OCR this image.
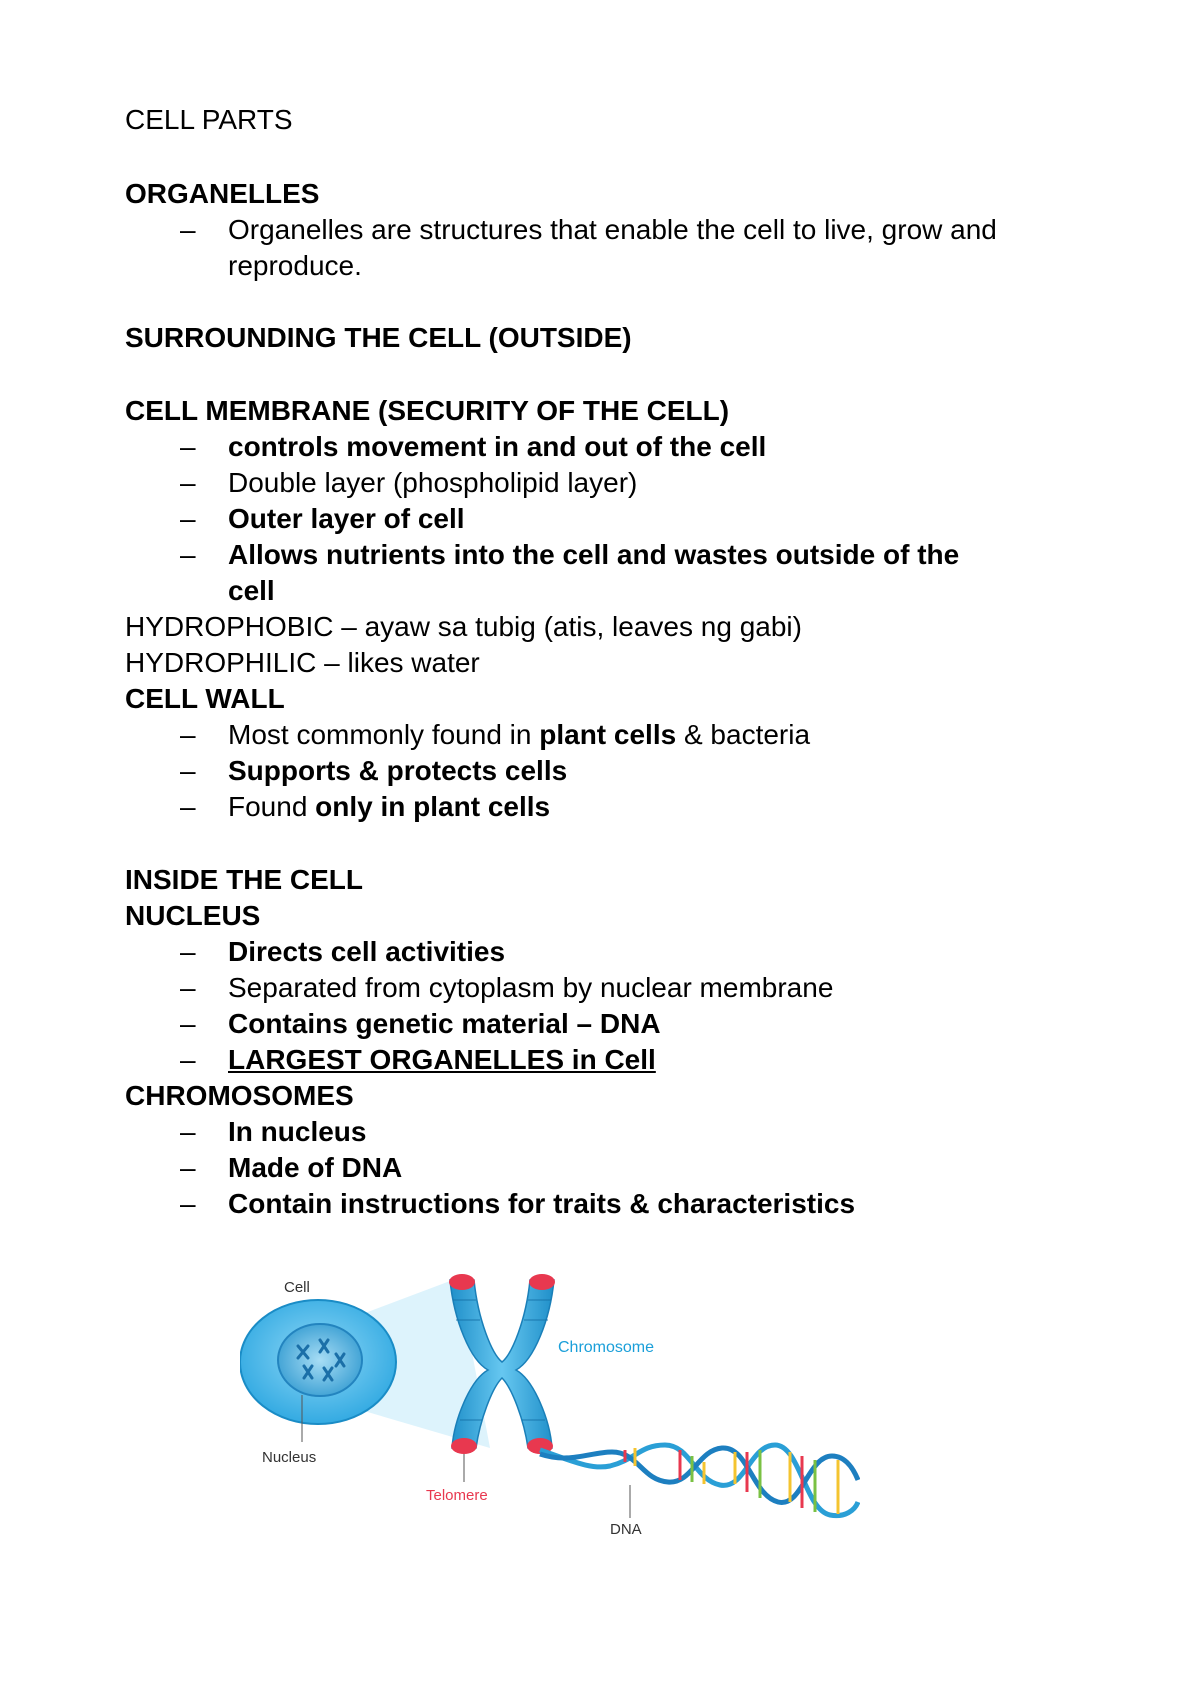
CELL PARTS
ORGANELLES
– Organelles are structures that enable the cell to live, grow and
reproduce.
SURROUNDING THE CELL (OUTSIDE)
CELL MEMBRANE (SECURITY OF THE CELL)
– controls movement in and out of the cell
– Double layer (phospholipid layer)
– Outer layer of cell
– Allows nutrients into the cell and wastes outside of the
cell
HYDROPHOBIC – ayaw sa tubig (atis, leaves ng gabi)
HYDROPHILIC – likes water
CELL WALL
– Most commonly found in plant cells & bacteria
– Supports & protects cells
– Found only in plant cells
INSIDE THE CELL
NUCLEUS
– Directs cell activities
– Separated from cytoplasm by nuclear membrane
– Contains genetic material – DNA
– LARGEST ORGANELLES in Cell
CHROMOSOMES
– In nucleus
– Made of DNA
– Contain instructions for traits & characteristics
Cell
Nucleus
Chromosome
Telomere
DNA
